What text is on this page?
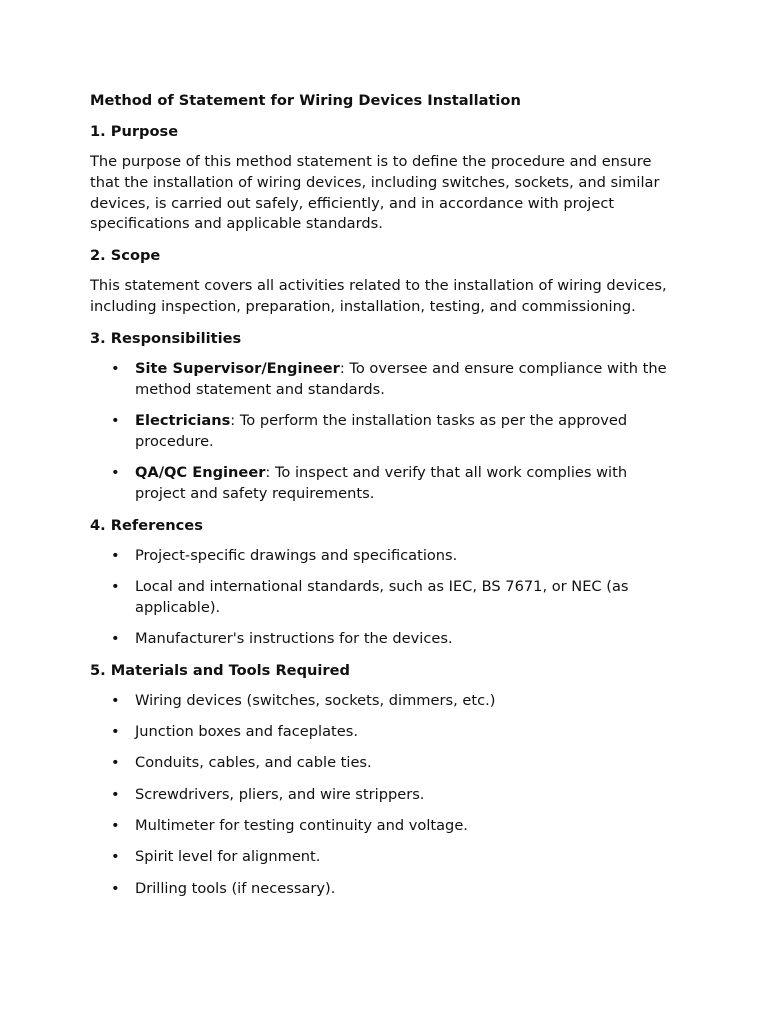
Method of Statement for Wiring Devices Installation
1. Purpose

The purpose of this method statement is to define the procedure and ensure that the installation of wiring devices, including switches, sockets, and similar devices, is carried out safely, efficiently, and in accordance with project specifications and applicable standards.

2. Scope

This statement covers all activities related to the installation of wiring devices, including inspection, preparation, installation, testing, and commissioning.

3. Responsibilities
• Site Supervisor/Engineer: To oversee and ensure compliance with the method statement and standards.
• Electricians: To perform the installation tasks as per the approved procedure.
• QA/QC Engineer: To inspect and verify that all work complies with project and safety requirements.
4. References
• Project-specific drawings and specifications.
• Local and international standards, such as IEC, BS 7671, or NEC (as applicable).
• Manufacturer's instructions for the devices.
5. Materials and Tools Required
• Wiring devices (switches, sockets, dimmers, etc.)
• Junction boxes and faceplates.
• Conduits, cables, and cable ties.
• Screwdrivers, pliers, and wire strippers.
• Multimeter for testing continuity and voltage.
• Spirit level for alignment.
• Drilling tools (if necessary).
